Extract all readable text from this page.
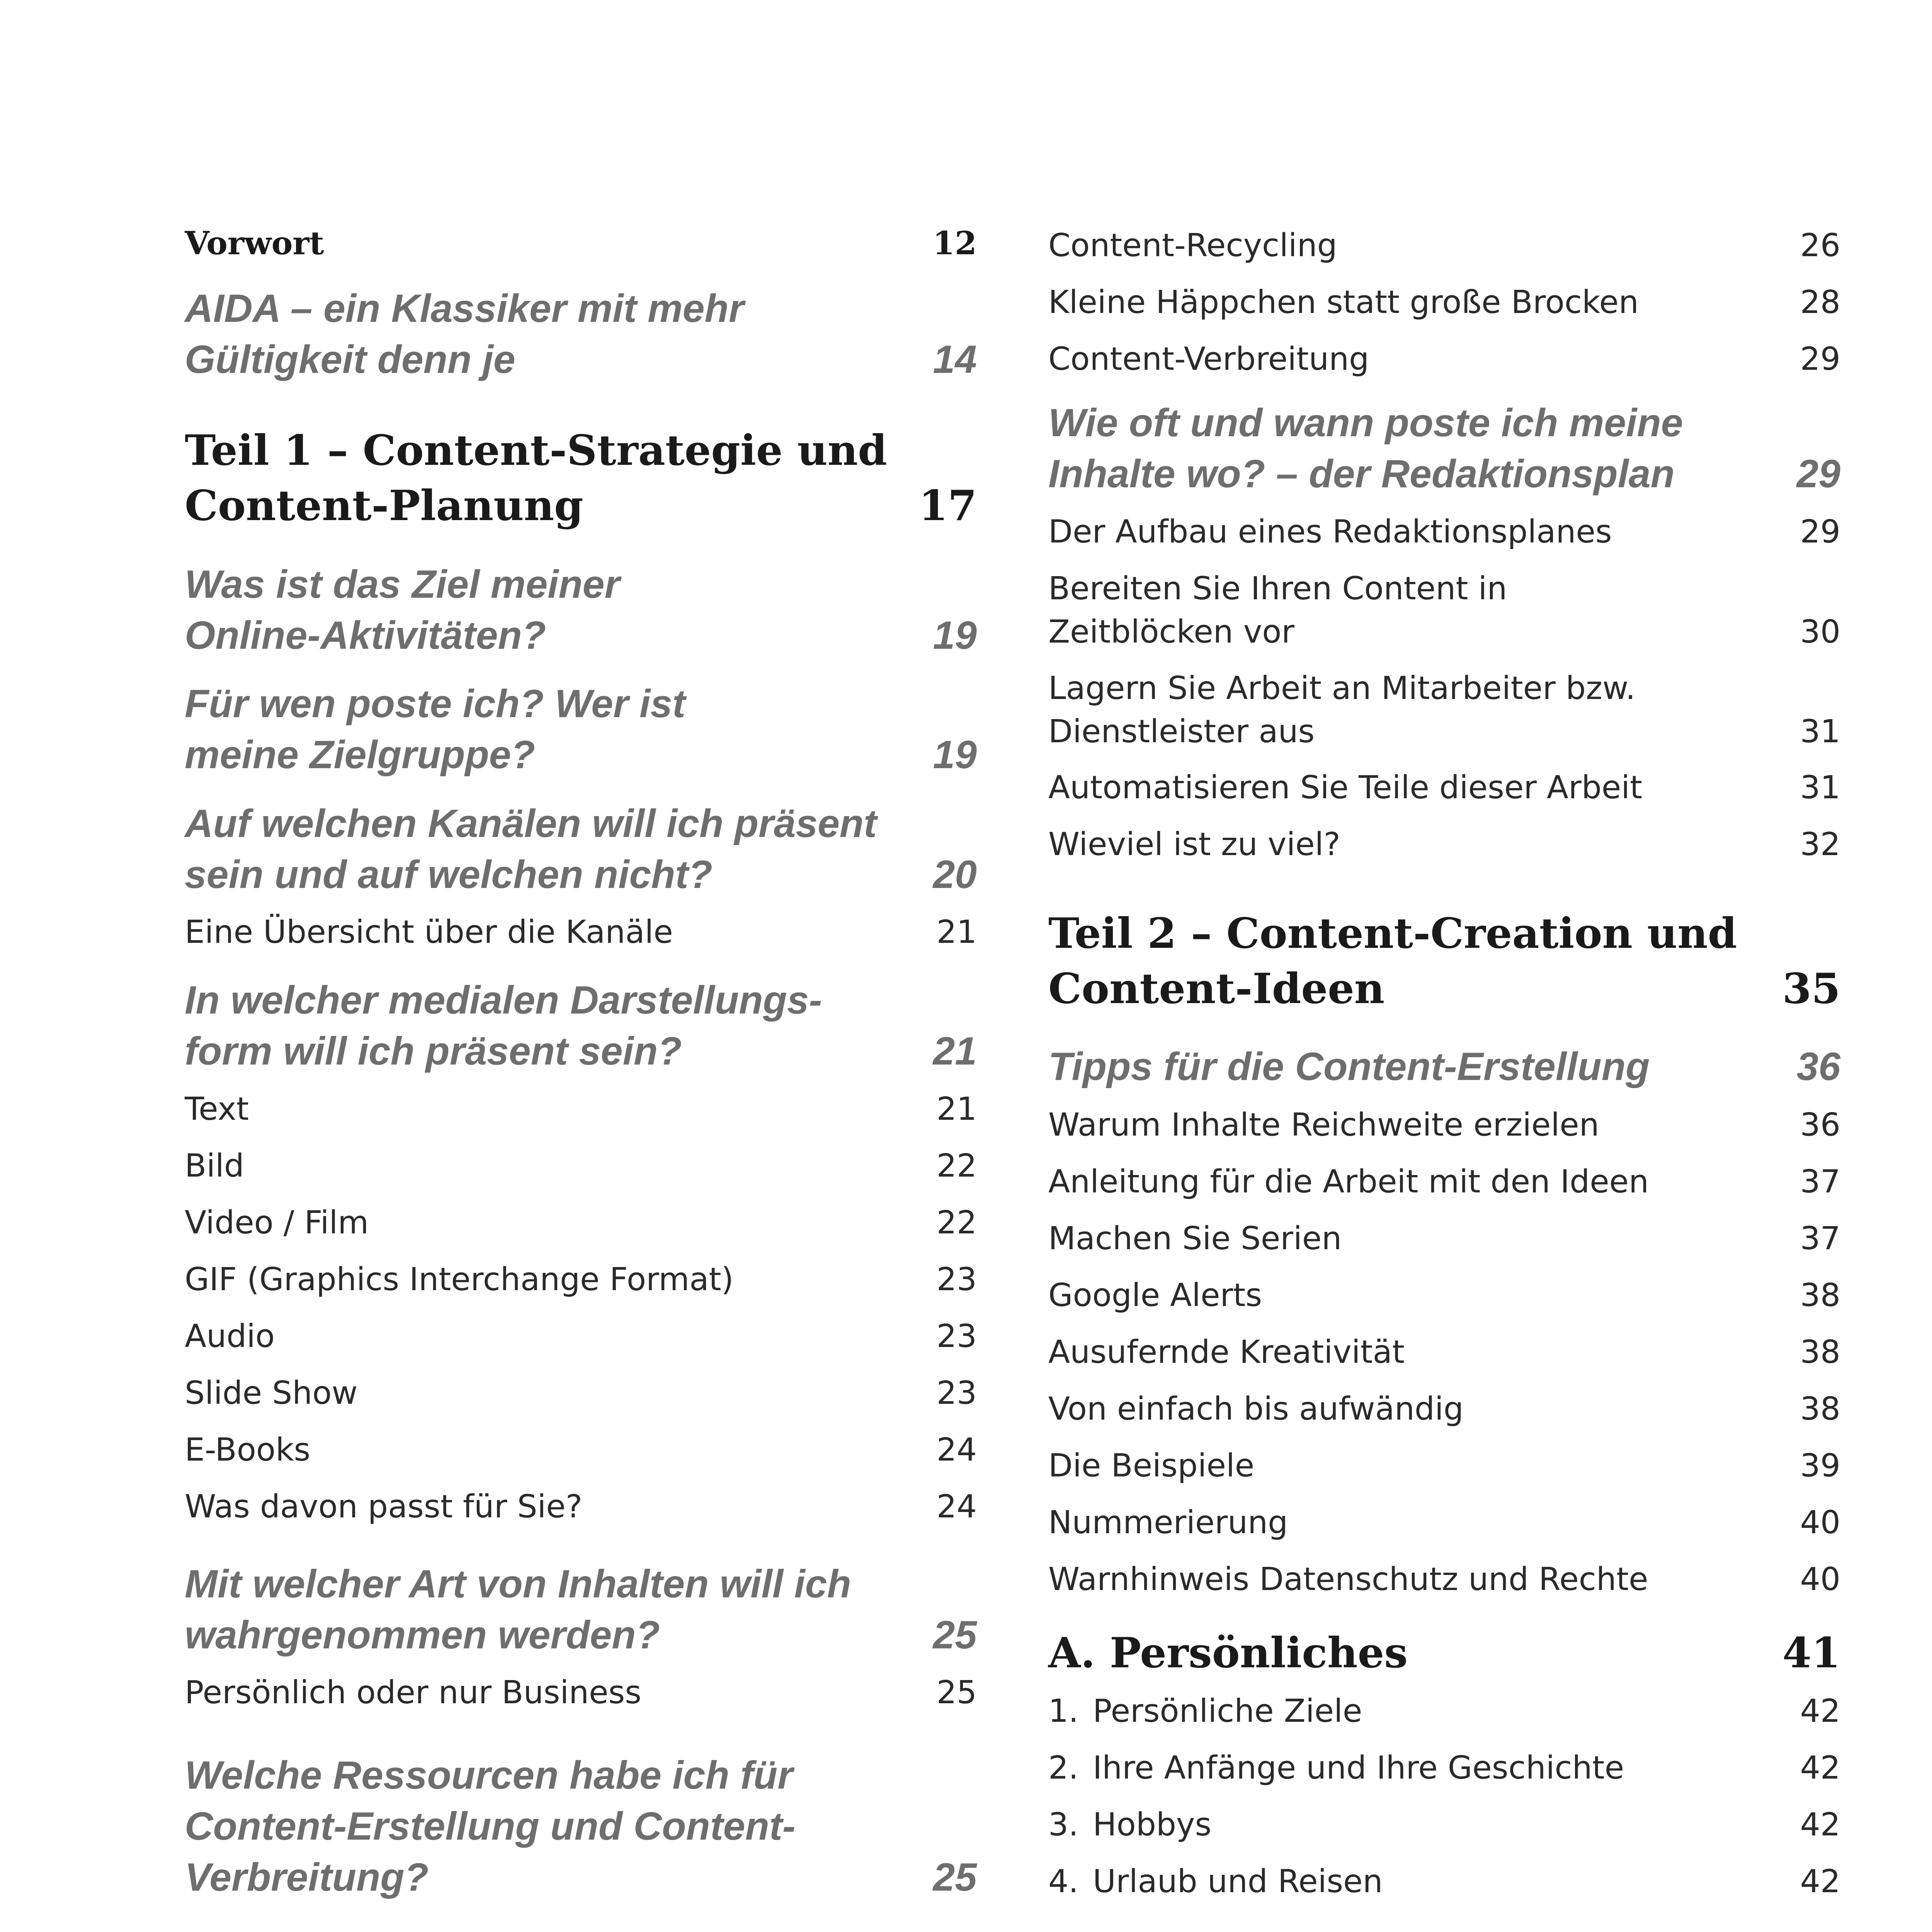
Vorwort	12
AIDA – ein Klassiker mit mehr Gültigkeit denn je	14
Teil 1 – Content-Strategie und Content-Planung	17
Was ist das Ziel meiner Online-Aktivitäten?	19
Für wen poste ich? Wer ist meine Zielgruppe?	19
Auf welchen Kanälen will ich präsent sein und auf welchen nicht?	20
Eine Übersicht über die Kanäle	21
In welcher medialen Darstellungs-form will ich präsent sein?	21
Text	21
Bild	22
Video / Film	22
GIF (Graphics Interchange Format)	23
Audio	23
Slide Show	23
E-Books	24
Was davon passt für Sie?	24
Mit welcher Art von Inhalten will ich wahrgenommen werden?	25
Persönlich oder nur Business	25
Welche Ressourcen habe ich für Content-Erstellung und Content-Verbreitung?	25
Content-Recycling	26
Kleine Häppchen statt große Brocken	28
Content-Verbreitung	29
Wie oft und wann poste ich meine Inhalte wo? – der Redaktionsplan	29
Der Aufbau eines Redaktionsplanes	29
Bereiten Sie Ihren Content in Zeitblöcken vor	30
Lagern Sie Arbeit an Mitarbeiter bzw. Dienstleister aus	31
Automatisieren Sie Teile dieser Arbeit	31
Wieviel ist zu viel?	32
Teil 2 – Content-Creation und Content-Ideen	35
Tipps für die Content-Erstellung	36
Warum Inhalte Reichweite erzielen	36
Anleitung für die Arbeit mit den Ideen	37
Machen Sie Serien	37
Google Alerts	38
Ausufernde Kreativität	38
Von einfach bis aufwändig	38
Die Beispiele	39
Nummerierung	40
Warnhinweis Datenschutz und Rechte	40
A. Persönliches	41
1. Persönliche Ziele	42
2. Ihre Anfänge und Ihre Geschichte	42
3. Hobbys	42
4. Urlaub und Reisen	42
